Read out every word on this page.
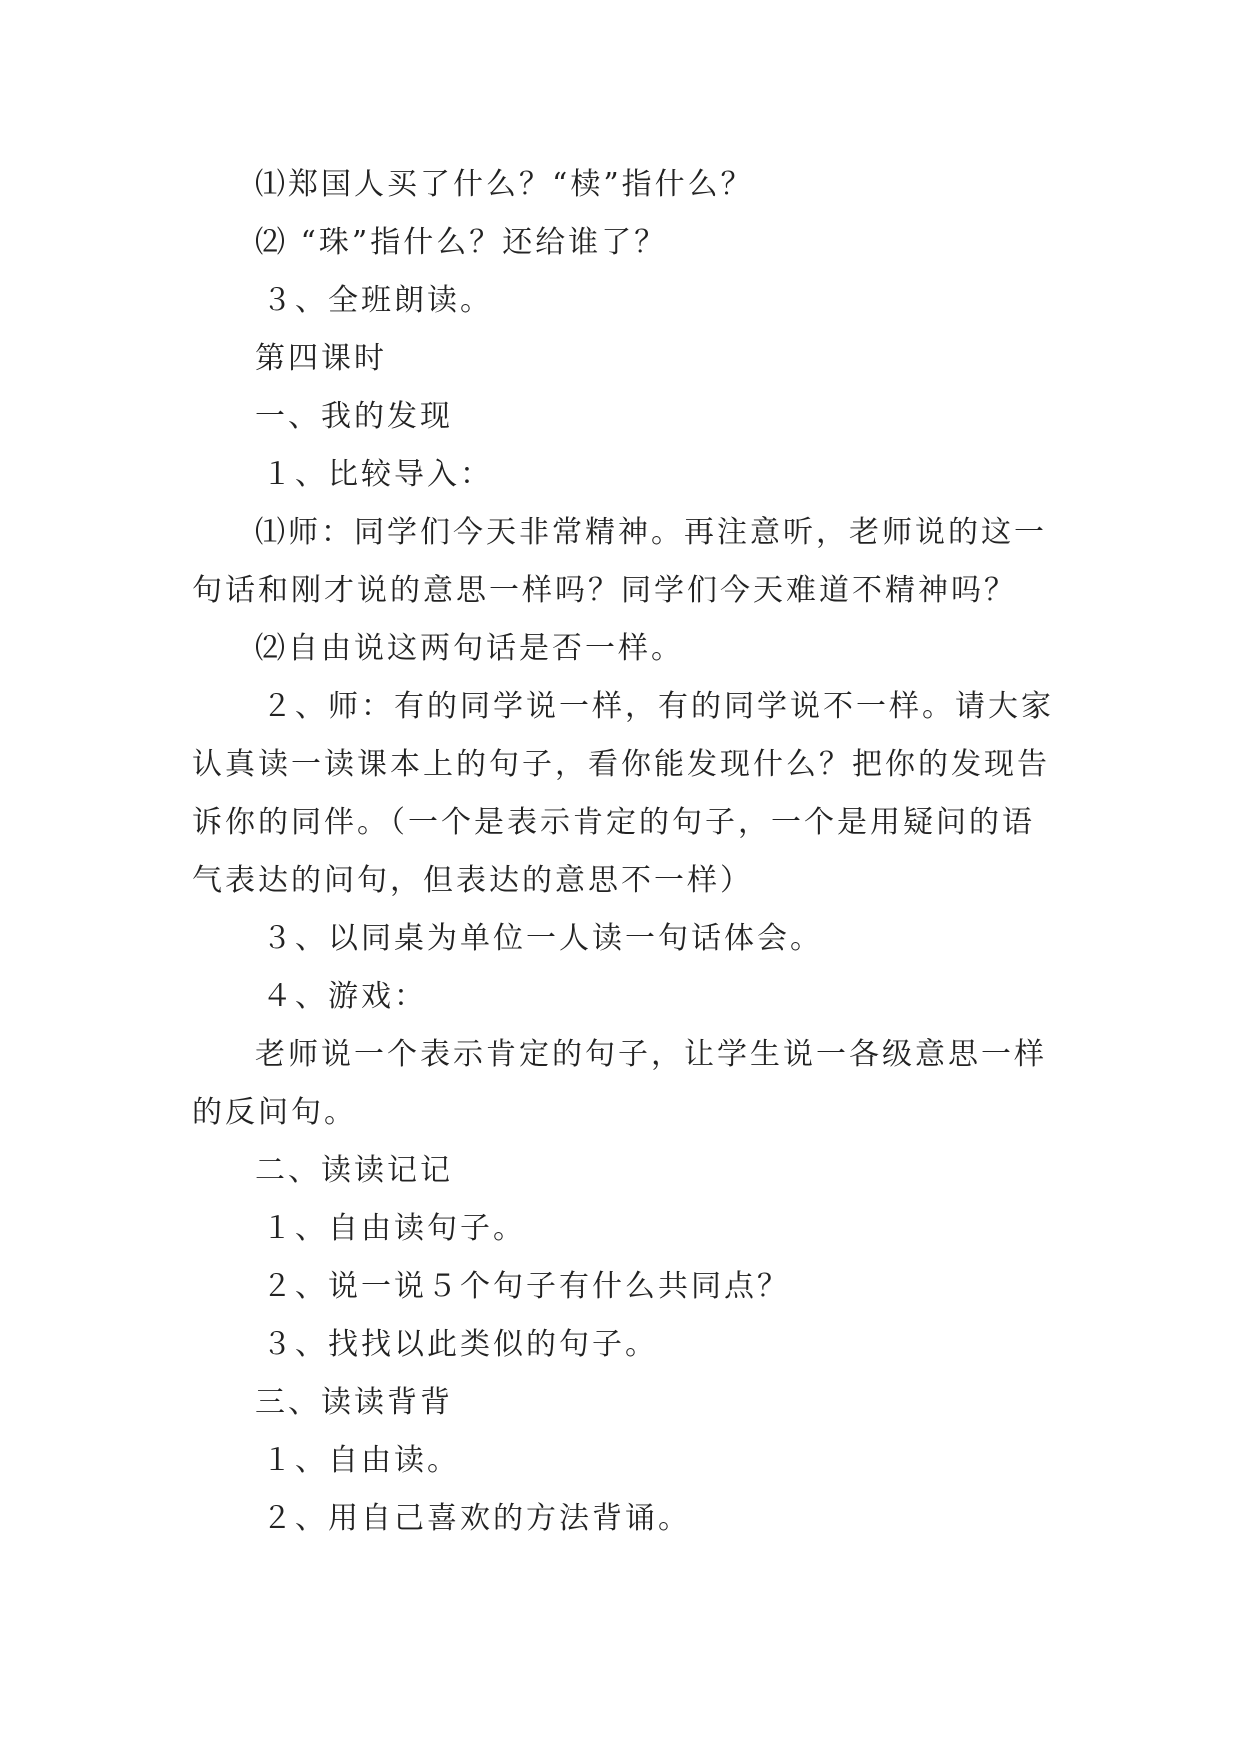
⑴郑国人买了什么？“椟”指什么？
⑵ “珠”指什么？还给谁了？
３、全班朗读。
第四课时
一、我的发现
１、比较导入：
⑴师：同学们今天非常精神。再注意听，老师说的这一
句话和刚才说的意思一样吗？同学们今天难道不精神吗？
⑵自由说这两句话是否一样。
２、师：有的同学说一样，有的同学说不一样。请大家
认真读一读课本上的句子，看你能发现什么？把你的发现告
诉你的同伴。（一个是表示肯定的句子，一个是用疑问的语
气表达的问句，但表达的意思不一样）
３、以同桌为单位一人读一句话体会。
４、游戏：
老师说一个表示肯定的句子，让学生说一各级意思一样
的反问句。
二、读读记记
１、自由读句子。
２、说一说５个句子有什么共同点？
３、找找以此类似的句子。
三、读读背背
１、自由读。
２、用自己喜欢的方法背诵。
